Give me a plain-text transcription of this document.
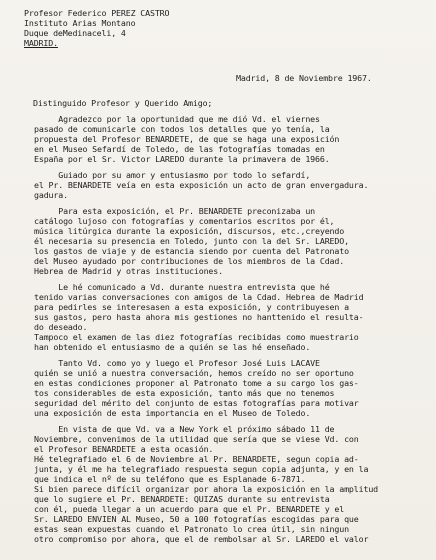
Profesor Federico PEREZ CASTRO
Instituto Arias Montano
Duque deMedinaceli, 4
MADRID.
Madrid, 8 de Noviembre 1967.
Distinguido Profesor y Querido Amigo;
Agradezco por la oportunidad que me dió Vd. el viernes
pasado de comunicarle con todos los detalles que yo tenía, la
propuesta del Profesor BENARDETE, de que se haga una exposición
en el Museo Sefardí de Toledo, de las fotografías tomadas en
España por el Sr. Victor LAREDO durante la primavera de 1966.
Guiado por su amor y entusiasmo por todo lo sefardí,
el Pr. BENARDETE veía en esta exposición un acto de gran envergadura.
gadura.
Para esta exposición, el Pr. BENARDETE preconizaba un
catálogo lujoso con fotografías y comentarios escritos por él,
música litúrgica durante la exposición, discursos, etc.,creyendo
él necesaria su presencia en Toledo, junto con la del Sr. LAREDO,
los gastos de viaje y de estancia siendo por cuenta del Patronato
del Museo ayudado por contribuciones de los miembros de la Cdad.
Hebrea de Madrid y otras instituciones.
Le hé comunicado a Vd. durante nuestra entrevista que hé
tenido varias conversaciones con amigos de la Cdad. Hebrea de Madrid
para pedirles se interesasen a esta exposición, y contribuyesen a
sus gastos, pero hasta ahora mis gestiones no hanttenido el resulta-
do deseado.
Tampoco el examen de las diez fotografías recibidas como muestrario
han obtenido el entusiasmo de a quién se las hé enseñado.
Tanto Vd. como yo y luego el Profesor José Luis LACAVE
quién se unió a nuestra conversación, hemos creído no ser oportuno
en estas condiciones proponer al Patronato tome a su cargo los gas-
tos considerables de esta exposición, tanto más que no tenemos
seguridad del mérito del conjunto de estas fotografías para motivar
una exposición de esta importancia en el Museo de Toledo.
En vista de que Vd. va a New York el próximo sábado 11 de
Noviembre, convenimos de la utilidad que sería que se viese Vd. con
el Profesor BENARDETE a esta ocasión.
Hé telegrafiado el 6 de Noviembre al Pr. BENARDETE, segun copia ad-
junta, y él me ha telegrafiado respuesta segun copia adjunta, y en la
que indica el nº de su teléfono que es Esplanade 6-7871.
Si bien parece difícil organizar por ahora la exposición en la amplitud
que lo sugiere el Pr. BENARDETE: QUIZAS durante su entrevista
con él, pueda llegar a un acuerdo para que el Pr. BENARDETE y el
Sr. LAREDO ENVIEN AL Museo, 50 a 100 fotografías escogidas para que
estas sean expuestas cuando el Patronato lo crea útil, sin ningun
otro compromiso por ahora, que el de rembolsar al Sr. LAREDO el valor
